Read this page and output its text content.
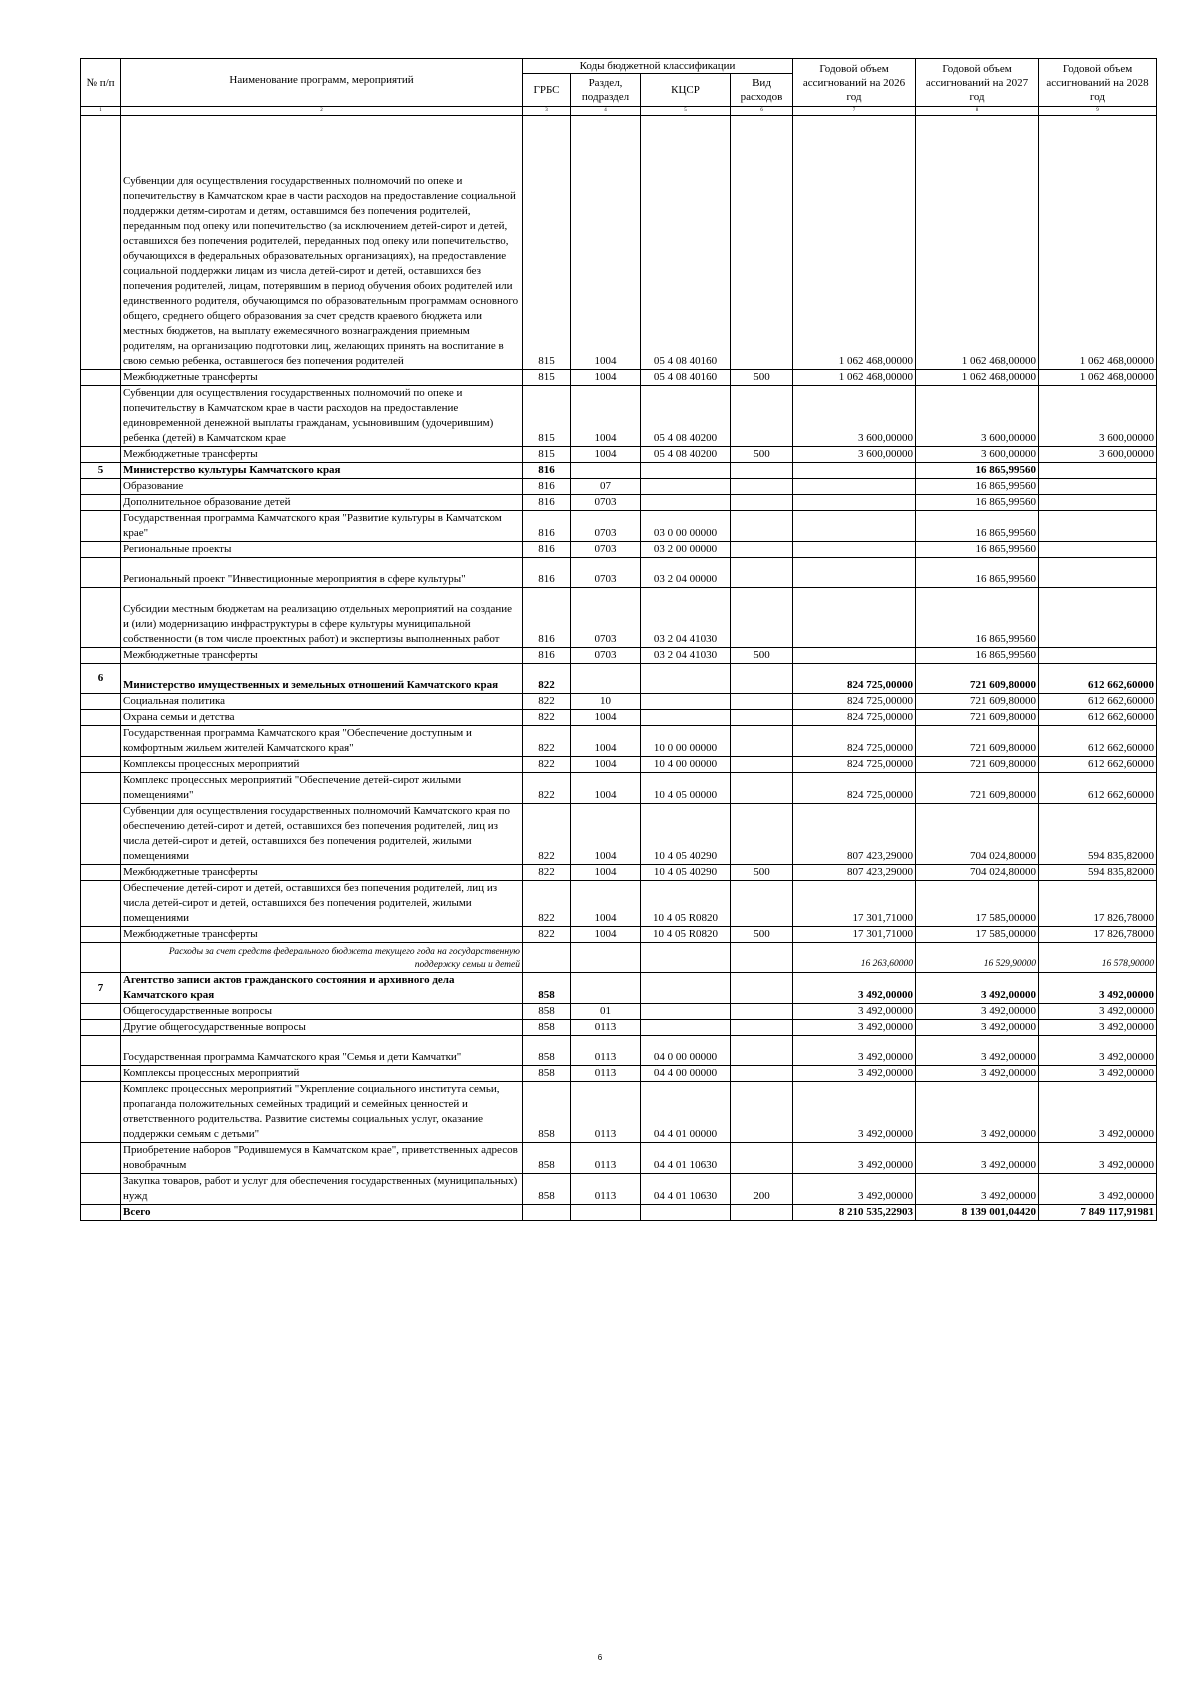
№ п/п	Наименование программ, мероприятий	Коды бюджетной классификации				Годовой объем ассигнований на 2026 год	Годовой объем ассигнований на 2027 год	Годовой объем ассигнований на 2028 год
		ГРБС	Раздел, подраздел	КЦСР	Вид расходов			
1	2	3	4	5	6	7	8	9
	Субвенции для осуществления государственных полномочий по опеке и попечительству в Камчатском крае в части расходов на предоставление социальной поддержки детям-сиротам и детям, оставшимся без попечения родителей, переданным под опеку или попечительство (за исключением детей-сирот и детей, оставшихся без попечения родителей, переданных под опеку или попечительство, обучающихся в федеральных образовательных организациях), на предоставление социальной поддержки лицам из числа детей-сирот и детей, оставшихся без попечения родителей, лицам, потерявшим в период обучения обоих родителей или единственного родителя, обучающимся по образовательным программам основного общего, среднего общего образования за счет средств краевого бюджета или местных бюджетов, на выплату ежемесячного вознаграждения приемным родителям, на организацию подготовки лиц, желающих принять на воспитание в свою семью ребенка, оставшегося без попечения родителей	815	1004	05 4 08 40160		1 062 468,00000	1 062 468,00000	1 062 468,00000
	Межбюджетные трансферты	815	1004	05 4 08 40160	500	1 062 468,00000	1 062 468,00000	1 062 468,00000
	Субвенции для осуществления государственных полномочий по опеке и попечительству в Камчатском крае в части расходов на предоставление единовременной денежной выплаты гражданам, усыновившим (удочерившим) ребенка (детей) в Камчатском крае	815	1004	05 4 08 40200		3 600,00000	3 600,00000	3 600,00000
	Межбюджетные трансферты	815	1004	05 4 08 40200	500	3 600,00000	3 600,00000	3 600,00000
5	Министерство культуры Камчатского края	816					16 865,99560	
	Образование	816	07				16 865,99560	
	Дополнительное образование детей	816	0703				16 865,99560	
	Государственная программа Камчатского края "Развитие культуры в Камчатском крае"	816	0703	03 0 00 00000			16 865,99560	
	Региональные проекты	816	0703	03 2 00 00000			16 865,99560	
	Региональный проект "Инвестиционные мероприятия в сфере культуры"	816	0703	03 2 04 00000			16 865,99560	
	Субсидии местным бюджетам на реализацию отдельных мероприятий на создание и (или) модернизацию инфраструктуры в сфере культуры муниципальной собственности (в том числе проектных работ) и экспертизы выполненных работ	816	0703	03 2 04 41030			16 865,99560	
	Межбюджетные трансферты	816	0703	03 2 04 41030	500		16 865,99560	
6	Министерство имущественных и земельных отношений Камчатского края	822				824 725,00000	721 609,80000	612 662,60000
	Социальная политика	822	10			824 725,00000	721 609,80000	612 662,60000
	Охрана семьи и детства	822	1004			824 725,00000	721 609,80000	612 662,60000
	Государственная программа Камчатского края "Обеспечение доступным и комфортным жильем жителей Камчатского края"	822	1004	10 0 00 00000		824 725,00000	721 609,80000	612 662,60000
	Комплексы процессных мероприятий	822	1004	10 4 00 00000		824 725,00000	721 609,80000	612 662,60000
	Комплекс процессных мероприятий "Обеспечение детей-сирот жилыми помещениями"	822	1004	10 4 05 00000		824 725,00000	721 609,80000	612 662,60000
	Субвенции для осуществления государственных полномочий Камчатского края по обеспечению детей-сирот и детей, оставшихся без попечения родителей, лиц из числа детей-сирот и детей, оставшихся без попечения родителей, жилыми помещениями	822	1004	10 4 05 40290		807 423,29000	704 024,80000	594 835,82000
	Межбюджетные трансферты	822	1004	10 4 05 40290	500	807 423,29000	704 024,80000	594 835,82000
	Обеспечение детей-сирот и детей, оставшихся без попечения родителей, лиц из числа детей-сирот и детей, оставшихся без попечения родителей, жилыми помещениями	822	1004	10 4 05 R0820		17 301,71000	17 585,00000	17 826,78000
	Межбюджетные трансферты	822	1004	10 4 05 R0820	500	17 301,71000	17 585,00000	17 826,78000
	Расходы за счет средств федерального бюджета текущего года на государственную поддержку семьи и детей					16 263,60000	16 529,90000	16 578,90000
7	Агентство записи актов гражданского состояния и архивного дела Камчатского края	858				3 492,00000	3 492,00000	3 492,00000
	Общегосударственные вопросы	858	01			3 492,00000	3 492,00000	3 492,00000
	Другие общегосударственные вопросы	858	0113			3 492,00000	3 492,00000	3 492,00000
	Государственная программа Камчатского края "Семья и дети Камчатки"	858	0113	04 0 00 00000		3 492,00000	3 492,00000	3 492,00000
	Комплексы процессных мероприятий	858	0113	04 4 00 00000		3 492,00000	3 492,00000	3 492,00000
	Комплекс процессных мероприятий "Укрепление социального института семьи, пропаганда положительных семейных традиций и семейных ценностей и ответственного родительства. Развитие системы социальных услуг, оказание поддержки семьям с детьми"	858	0113	04 4 01 00000		3 492,00000	3 492,00000	3 492,00000
	Приобретение наборов "Родившемуся в Камчатском крае", приветственных адресов новобрачным	858	0113	04 4 01 10630		3 492,00000	3 492,00000	3 492,00000
	Закупка товаров, работ и услуг для обеспечения государственных (муниципальных) нужд	858	0113	04 4 01 10630	200	3 492,00000	3 492,00000	3 492,00000
	Всего					8 210 535,22903	8 139 001,04420	7 849 117,91981
6
